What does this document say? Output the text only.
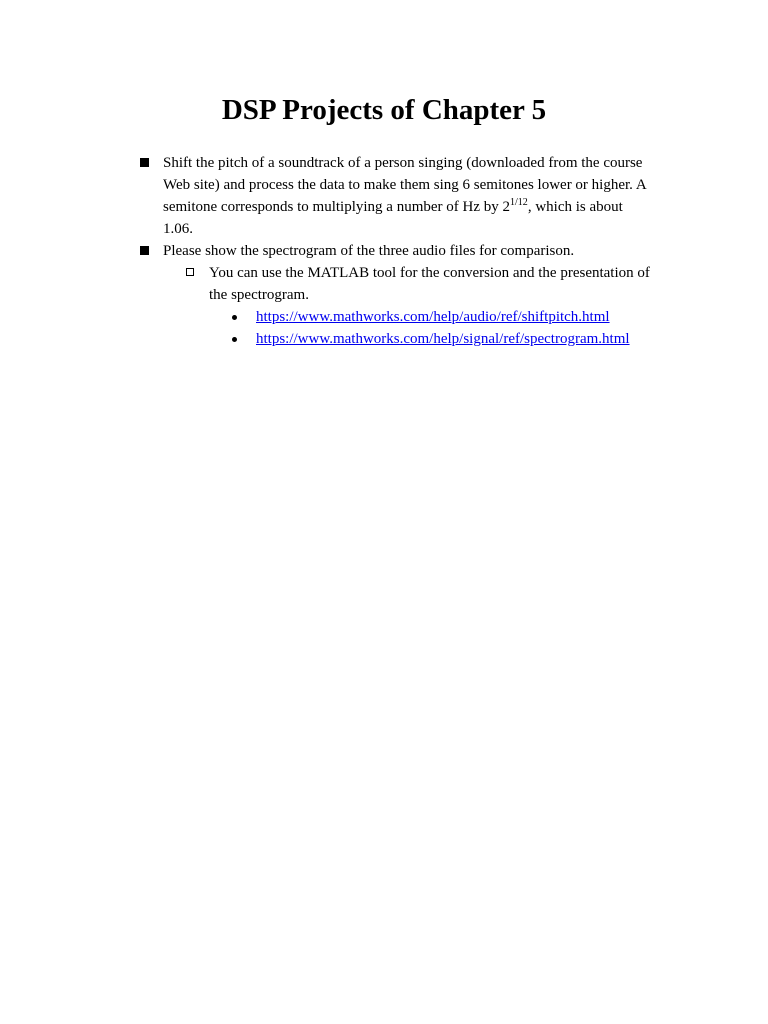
DSP Projects of Chapter 5
Shift the pitch of a soundtrack of a person singing (downloaded from the course Web site) and process the data to make them sing 6 semitones lower or higher. A semitone corresponds to multiplying a number of Hz by $2^{1/12}$, which is about 1.06.
Please show the spectrogram of the three audio files for comparison.
You can use the MATLAB tool for the conversion and the presentation of the spectrogram.
https://www.mathworks.com/help/audio/ref/shiftpitch.html
https://www.mathworks.com/help/signal/ref/spectrogram.html
